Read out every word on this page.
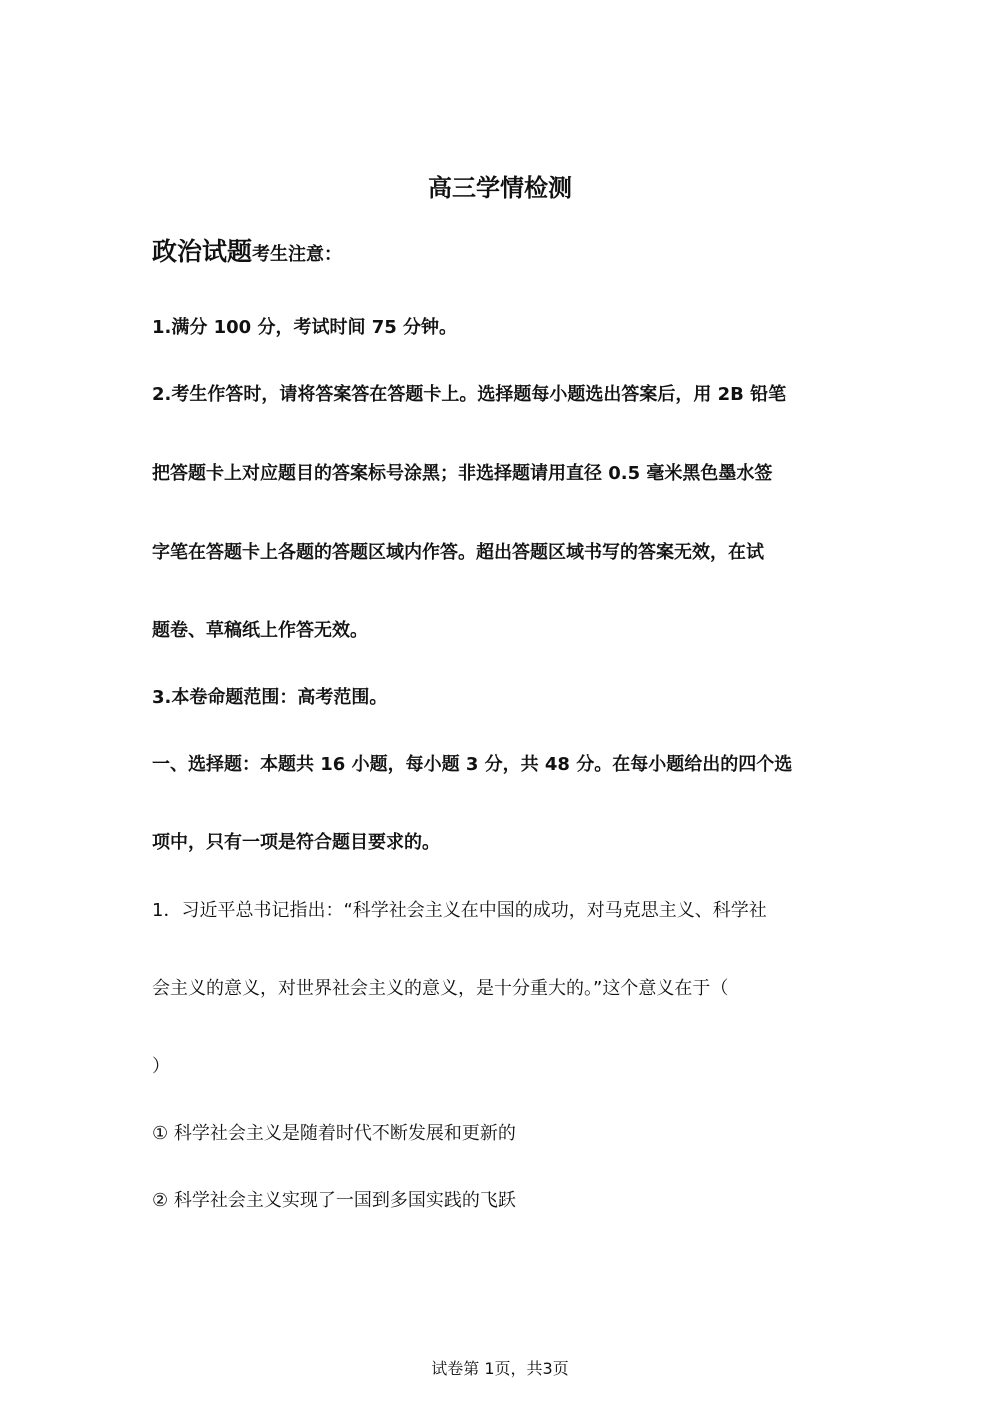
高三学情检测
政治试题考生注意：
1.满分 100 分，考试时间 75 分钟。
2.考生作答时，请将答案答在答题卡上。选择题每小题选出答案后，用 2B 铅笔
把答题卡上对应题目的答案标号涂黑；非选择题请用直径 0.5 毫米黑色墨水签
字笔在答题卡上各题的答题区域内作答。超出答题区域书写的答案无效，在试
题卷、草稿纸上作答无效。
3.本卷命题范围：高考范围。
一、选择题：本题共 16 小题，每小题 3 分，共 48 分。在每小题给出的四个选
项中，只有一项是符合题目要求的。
1．习近平总书记指出：“科学社会主义在中国的成功，对马克思主义、科学社
会主义的意义，对世界社会主义的意义，是十分重大的。”这个意义在于（
）
① 科学社会主义是随着时代不断发展和更新的
② 科学社会主义实现了一国到多国实践的飞跃
试卷第 1页，共3页
